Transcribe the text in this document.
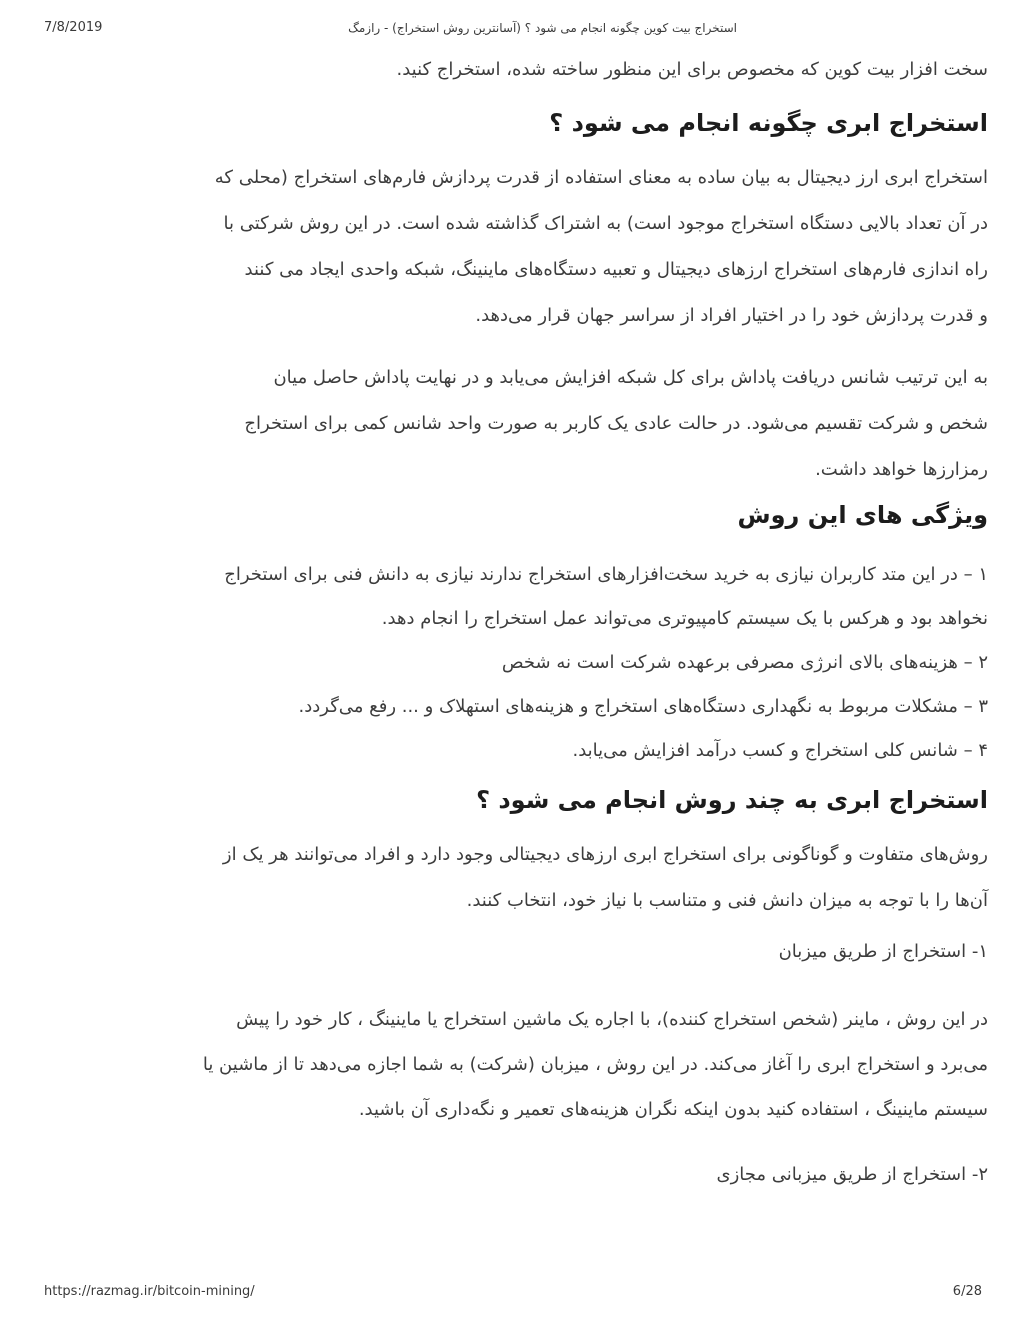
7/8/2019	استخراج بیت کوین چگونه انجام می شود ؟ (آسانترین روش استخراج) - رازمگ
سخت افزار بیت کوین که مخصوص برای این منظور ساخته شده، استخراج کنید.
استخراج ابری چگونه انجام می شود ؟
استخراج ابری ارز دیجیتال به بیان ساده به معنای استفاده از قدرت پردازش فارم‌های استخراج (محلی که
در آن تعداد بالایی دستگاه استخراج موجود است) به اشتراک گذاشته شده است. در این روش شرکتی با
راه اندازی فارم‌های استخراج ارزهای دیجیتال و تعبیه دستگاه‌های ماینینگ، شبکه واحدی ایجاد می کنند
و قدرت پردازش خود را در اختیار افراد از سراسر جهان قرار می‌دهد.
به این ترتیب شانس دریافت پاداش برای کل شبکه افزایش می‌یابد و در نهایت پاداش حاصل میان
شخص و شرکت تقسیم می‌شود. در حالت عادی یک کاربر به صورت واحد شانس کمی برای استخراج
رمزارزها خواهد داشت.
ویژگی های این روش
۱ – در این متد کاربران نیازی به خرید سخت‌افزارهای استخراج ندارند نیازی به دانش فنی برای استخراج
نخواهد بود و هرکس با یک سیستم کامپیوتری می‌تواند عمل استخراج را انجام دهد.
۲ – هزینه‌های بالای انرژی مصرفی برعهده شرکت است نه شخص
۳ – مشکلات مربوط به نگهداری دستگاه‌های استخراج و هزینه‌های استهلاک و ... رفع می‌گردد.
۴ – شانس کلی استخراج و کسب درآمد افزایش می‌یابد.
استخراج ابری به چند روش انجام می شود ؟
روش‌های متفاوت و گوناگونی برای استخراج ابری ارزهای دیجیتالی وجود دارد و افراد می‌توانند هر یک از
آن‌ها را با توجه به میزان دانش فنی و متناسب با نیاز خود، انتخاب کنند.
۱- استخراج از طریق میزبان
در این روش ، ماینر (شخص استخراج کننده)، با اجاره یک ماشین استخراج یا ماینینگ ، کار خود را پیش
می‌برد و استخراج ابری را آغاز می‌کند. در این روش ، میزبان (شرکت) به شما اجازه می‌دهد تا از ماشین یا
سیستم ماینینگ ، استفاده کنید بدون اینکه نگران هزینه‌های تعمیر و نگه‌داری آن باشید.
۲- استخراج از طریق میزبانی مجازی
https://razmag.ir/bitcoin-mining/	6/28
